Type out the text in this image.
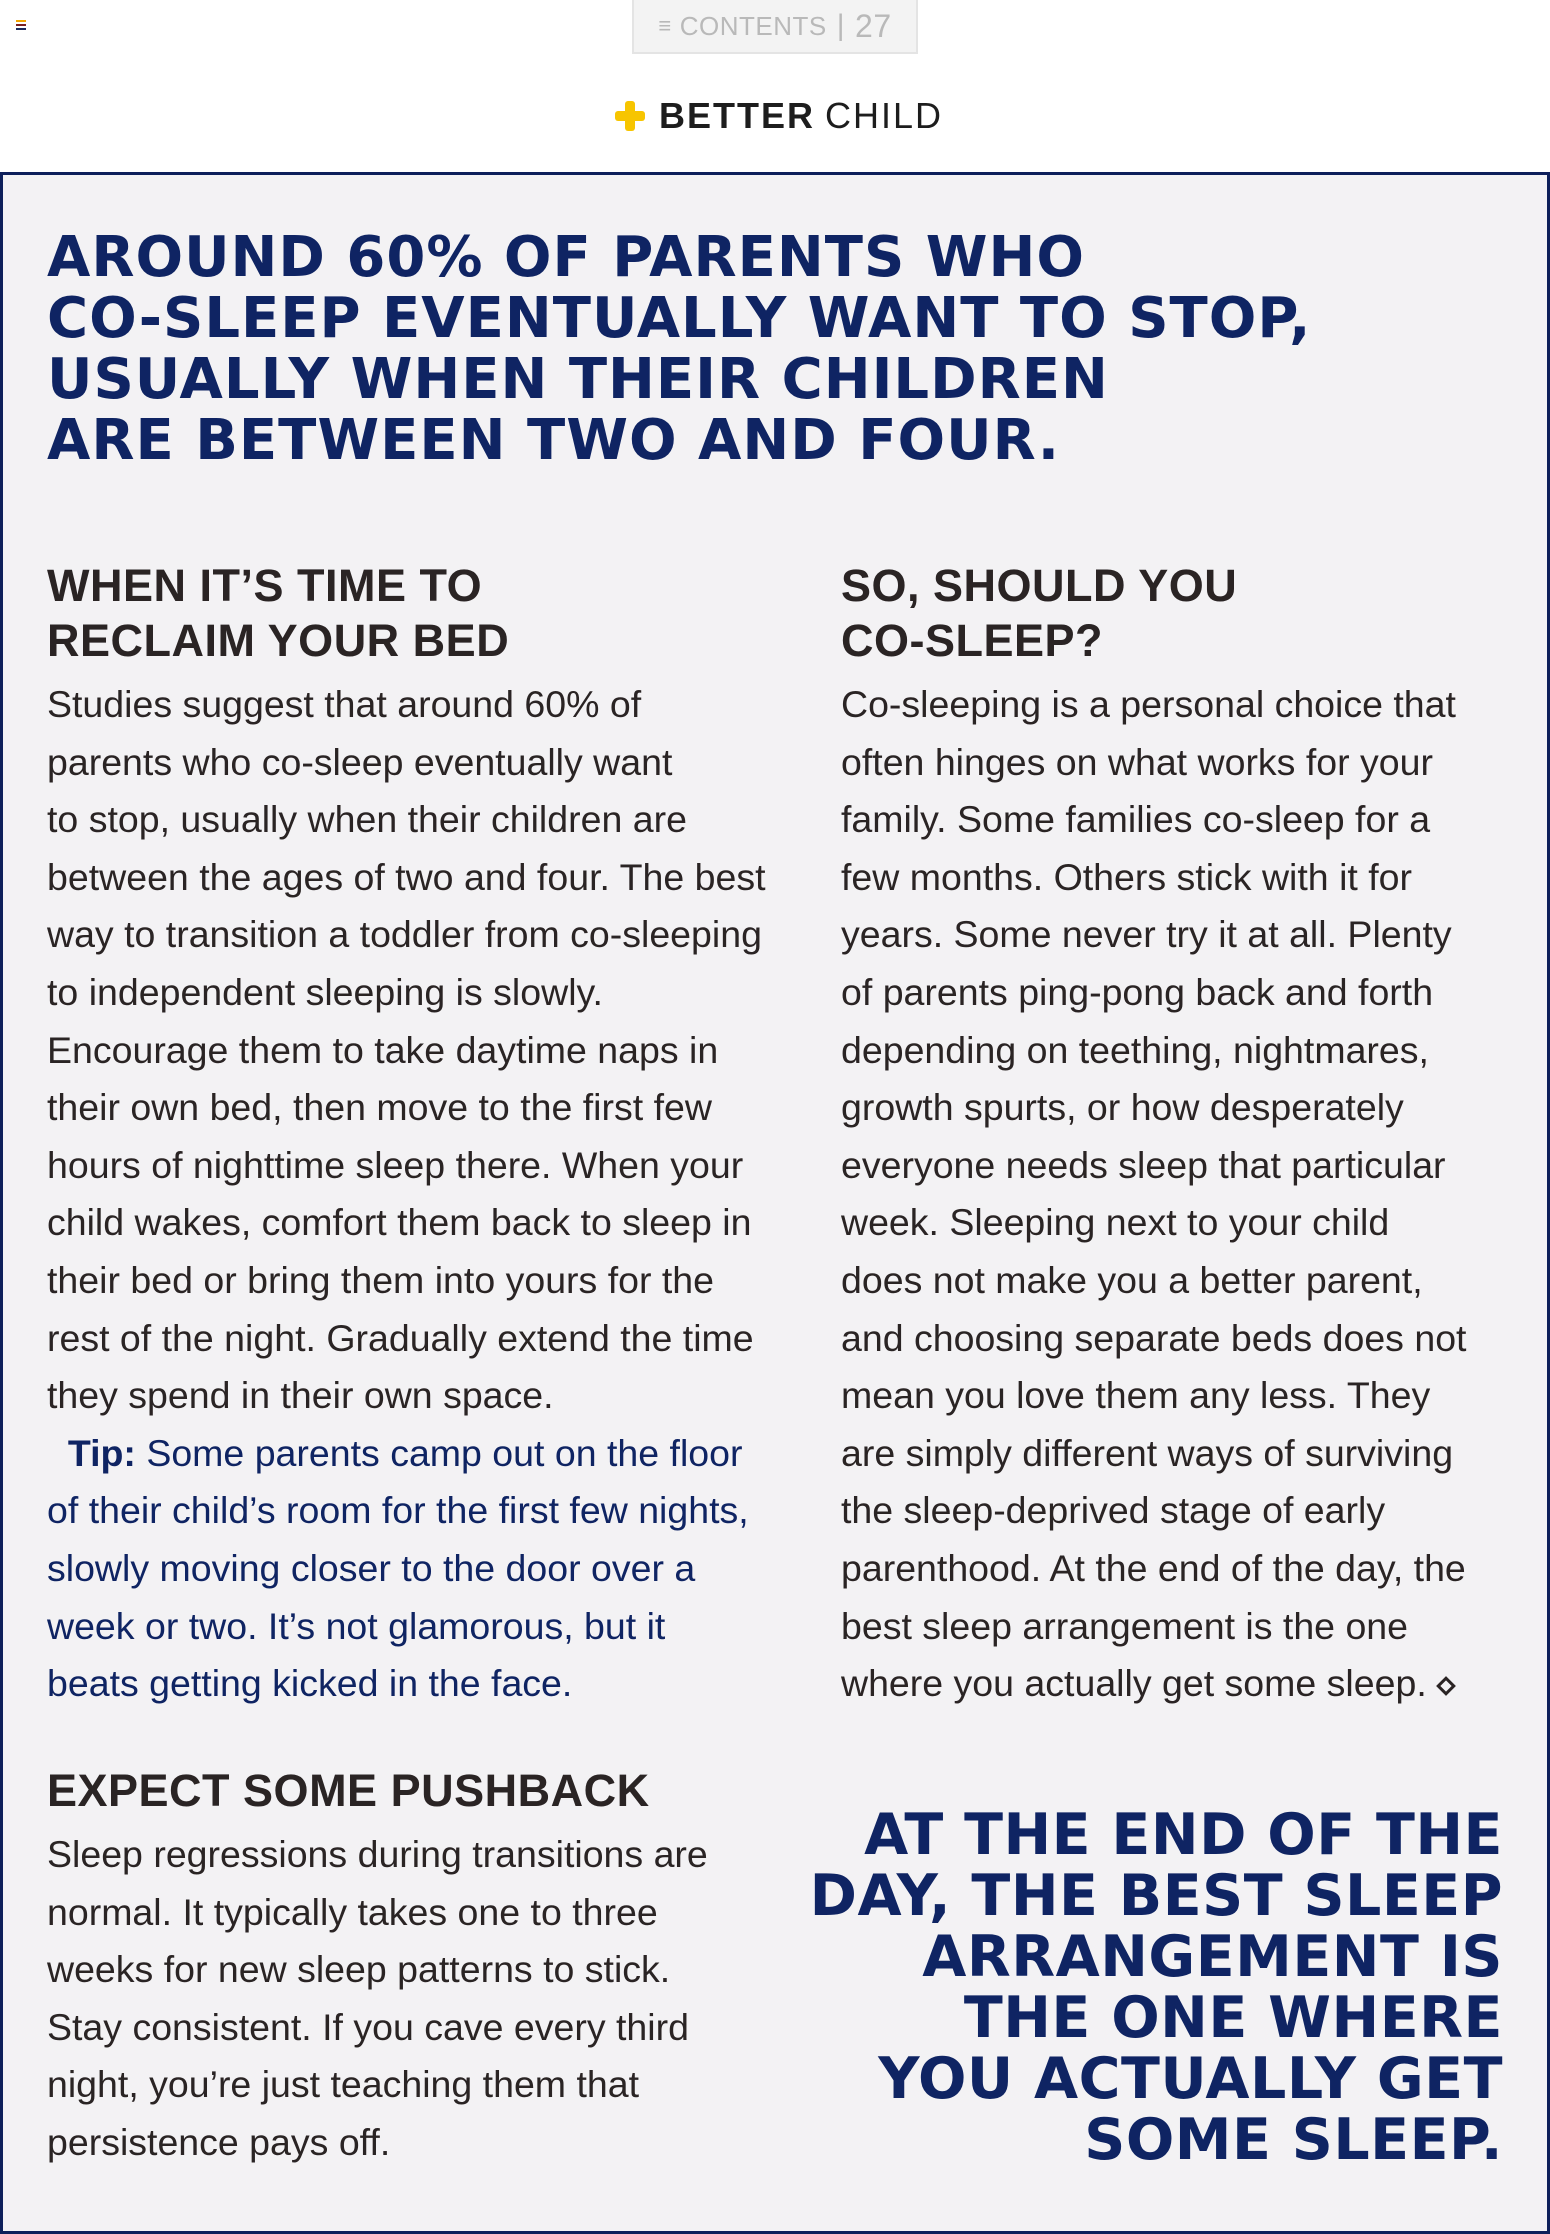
≡ CONTENTS | 27
BETTER CHILD
AROUND 60% OF PARENTS WHO
CO-SLEEP EVENTUALLY WANT TO STOP,
USUALLY WHEN THEIR CHILDREN
ARE BETWEEN TWO AND FOUR.
WHEN IT’S TIME TO
RECLAIM YOUR BED
Studies suggest that around 60% of
parents who co-sleep eventually want
to stop, usually when their children are
between the ages of two and four. The best
way to transition a toddler from co-sleeping
to independent sleeping is slowly.
Encourage them to take daytime naps in
their own bed, then move to the first few
hours of nighttime sleep there. When your
child wakes, comfort them back to sleep in
their bed or bring them into yours for the
rest of the night. Gradually extend the time
they spend in their own space.
Tip: Some parents camp out on the floor
of their child’s room for the first few nights,
slowly moving closer to the door over a
week or two. It’s not glamorous, but it
beats getting kicked in the face.
SO, SHOULD YOU
CO-SLEEP?
Co-sleeping is a personal choice that
often hinges on what works for your
family. Some families co-sleep for a
few months. Others stick with it for
years. Some never try it at all. Plenty
of parents ping-pong back and forth
depending on teething, nightmares,
growth spurts, or how desperately
everyone needs sleep that particular
week. Sleeping next to your child
does not make you a better parent,
and choosing separate beds does not
mean you love them any less. They
are simply different ways of surviving
the sleep-deprived stage of early
parenthood. At the end of the day, the
best sleep arrangement is the one
where you actually get some sleep.
EXPECT SOME PUSHBACK
Sleep regressions during transitions are
normal. It typically takes one to three
weeks for new sleep patterns to stick.
Stay consistent. If you cave every third
night, you’re just teaching them that
persistence pays off.
AT THE END OF THE
DAY, THE BEST SLEEP
ARRANGEMENT IS
THE ONE WHERE
YOU ACTUALLY GET
SOME SLEEP.
